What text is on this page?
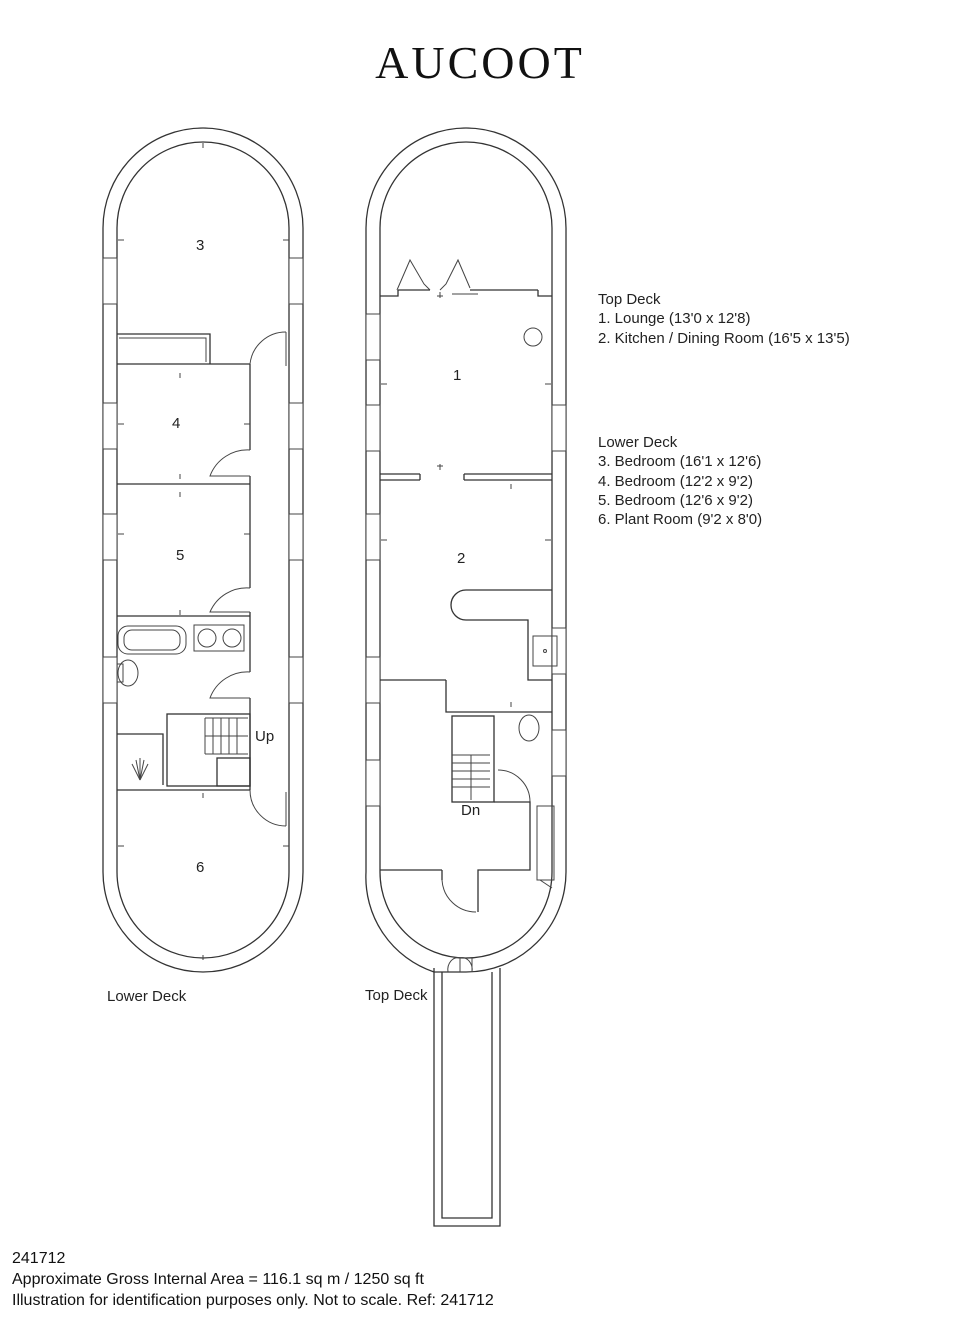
AUCOOT
3
4
5
6
Up
1
2
Dn
Top Deck
1. Lounge (13'0 x 12'8)
2. Kitchen / Dining Room (16'5 x 13'5)
Lower Deck
3. Bedroom (16'1 x 12'6)
4. Bedroom (12'2 x 9'2)
5. Bedroom (12'6 x 9'2)
6. Plant Room (9'2 x 8'0)
Lower Deck	Top Deck
241712
Approximate Gross Internal Area = 116.1 sq m / 1250 sq ft
Illustration for identification purposes only. Not to scale. Ref: 241712
